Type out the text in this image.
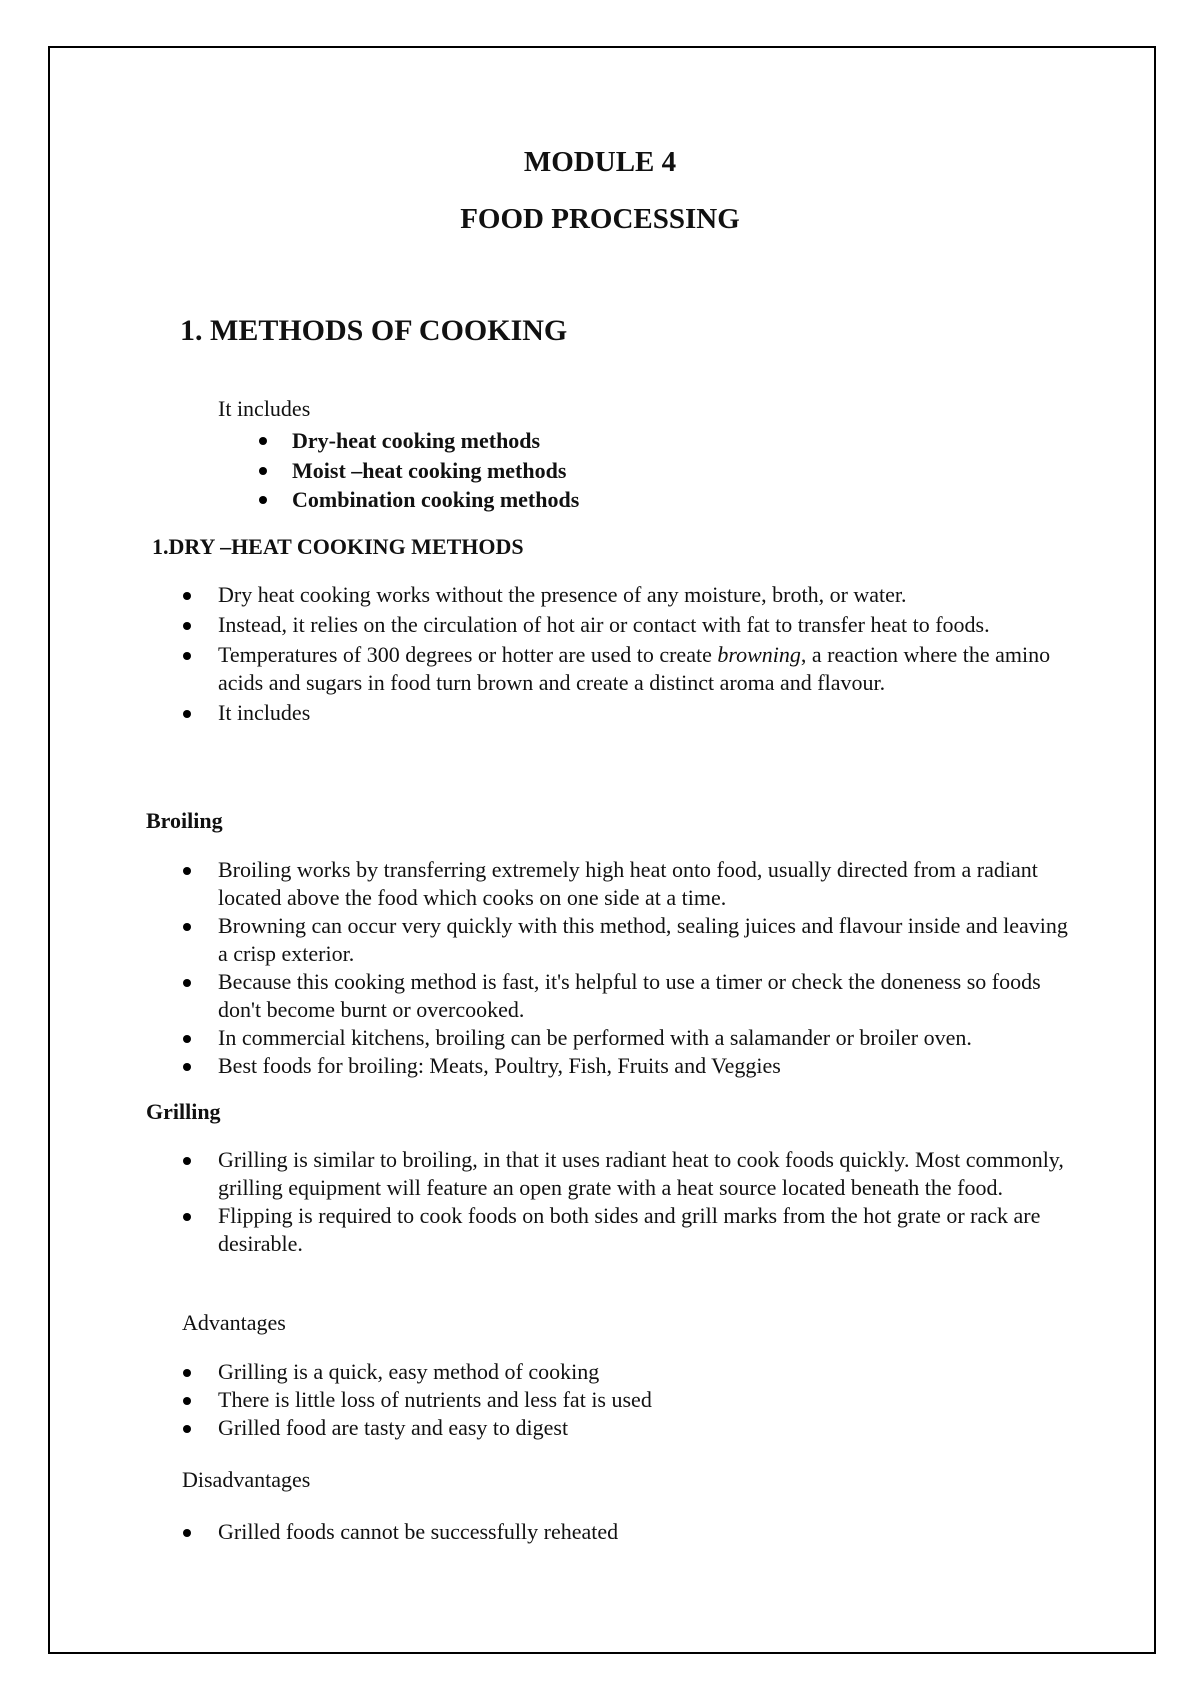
MODULE 4
FOOD PROCESSING
1. METHODS OF COOKING

It includes

Dry-heat cooking methods
Moist –heat cooking methods
Combination cooking methods
1.DRY –HEAT COOKING METHODS
Dry heat cooking works without the presence of any moisture, broth, or water.
Instead, it relies on the circulation of hot air or contact with fat to transfer heat to foods.
Temperatures of 300 degrees or hotter are used to create browning, a reaction where the amino acids and sugars in food turn brown and create a distinct aroma and flavour.
It includes
Broiling
Broiling works by transferring extremely high heat onto food, usually directed from a radiant located above the food which cooks on one side at a time.
Browning can occur very quickly with this method, sealing juices and flavour inside and leaving a crisp exterior.
Because this cooking method is fast, it's helpful to use a timer or check the doneness so foods don't become burnt or overcooked.
In commercial kitchens, broiling can be performed with a salamander or broiler oven.
Best foods for broiling: Meats, Poultry, Fish, Fruits and Veggies
Grilling
Grilling is similar to broiling, in that it uses radiant heat to cook foods quickly. Most commonly, grilling equipment will feature an open grate with a heat source located beneath the food.
Flipping is required to cook foods on both sides and grill marks from the hot grate or rack are desirable.

Advantages

Grilling is a quick, easy method of cooking
There is little loss of nutrients and less fat is used
Grilled food are tasty and easy to digest

Disadvantages

Grilled foods cannot be successfully reheated
